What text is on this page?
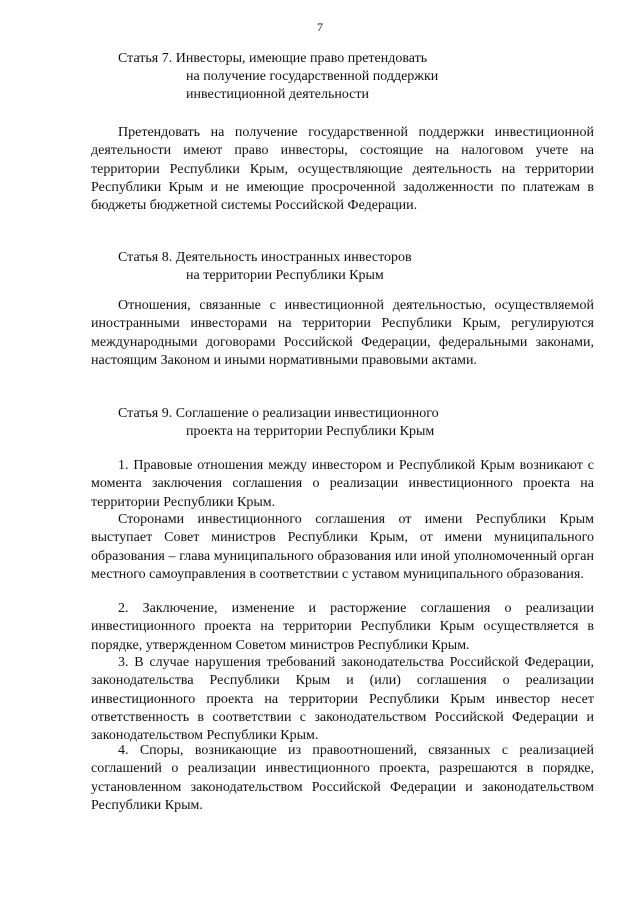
7
Статья 7. Инвесторы, имеющие право претендовать
на получение государственной поддержки
инвестиционной деятельности

Претендовать на получение государственной поддержки инвестиционной деятельности имеют право инвесторы, состоящие на налоговом учете на территории Республики Крым, осуществляющие деятельность на территории Республики Крым и не имеющие просроченной задолженности по платежам в бюджеты бюджетной системы Российской Федерации.

Статья 8. Деятельность иностранных инвесторов
на территории Республики Крым

Отношения, связанные с инвестиционной деятельностью, осуществляемой иностранными инвесторами на территории Республики Крым, регулируются международными договорами Российской Федерации, федеральными законами, настоящим Законом и иными нормативными правовыми актами.

Статья 9. Соглашение о реализации инвестиционного
проекта на территории Республики Крым

1. Правовые отношения между инвестором и Республикой Крым возникают с момента заключения соглашения о реализации инвестиционного проекта на территории Республики Крым.

Сторонами инвестиционного соглашения от имени Республики Крым выступает Совет министров Республики Крым, от имени муниципального образования – глава муниципального образования или иной уполномоченный орган местного самоуправления в соответствии с уставом муниципального образования.

2. Заключение, изменение и расторжение соглашения о реализации инвестиционного проекта на территории Республики Крым осуществляется в порядке, утвержденном Советом министров Республики Крым.

3. В случае нарушения требований законодательства Российской Федерации, законодательства Республики Крым и (или) соглашения о реализации инвестиционного проекта на территории Республики Крым инвестор несет ответственность в соответствии с законодательством Российской Федерации и законодательством Республики Крым.

4. Споры, возникающие из правоотношений, связанных с реализацией соглашений о реализации инвестиционного проекта, разрешаются в порядке, установленном законодательством Российской Федерации и законодательством Республики Крым.
